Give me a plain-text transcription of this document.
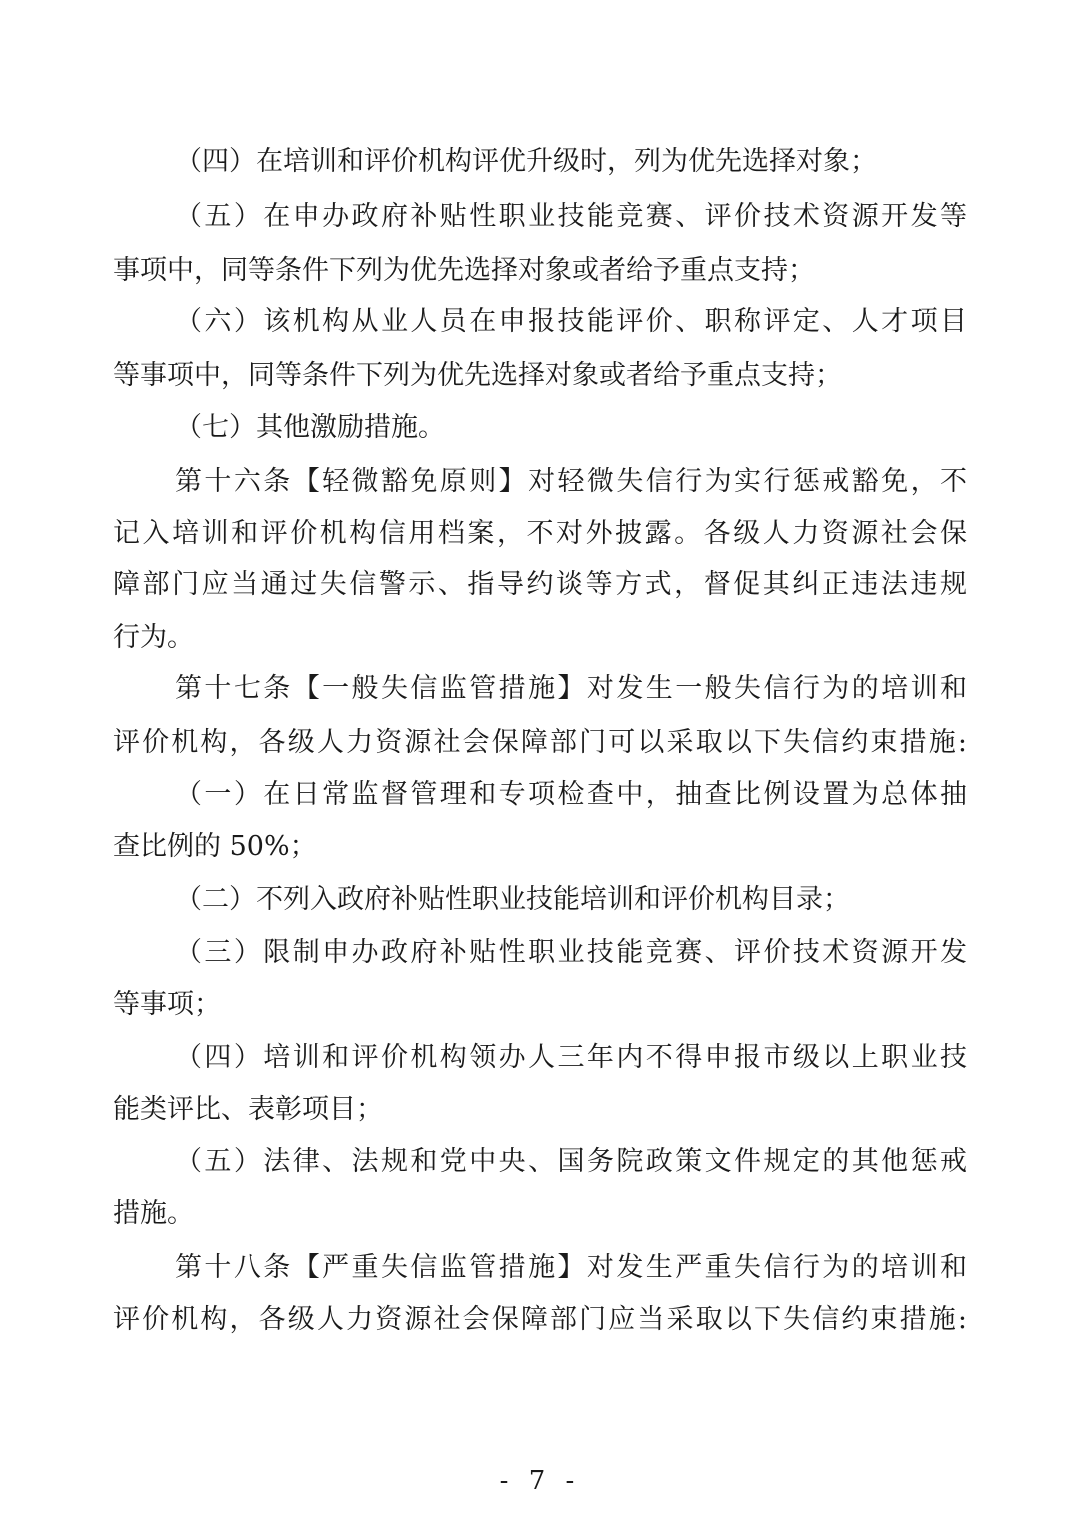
（四）在培训和评价机构评优升级时，列为优先选择对象；
（五）在申办政府补贴性职业技能竞赛、评价技术资源开发等
事项中，同等条件下列为优先选择对象或者给予重点支持；
（六）该机构从业人员在申报技能评价、职称评定、人才项目
等事项中，同等条件下列为优先选择对象或者给予重点支持；
（七）其他激励措施。
第十六条【轻微豁免原则】对轻微失信行为实行惩戒豁免，不
记入培训和评价机构信用档案，不对外披露。各级人力资源社会保
障部门应当通过失信警示、指导约谈等方式，督促其纠正违法违规
行为。
第十七条【一般失信监管措施】对发生一般失信行为的培训和
评价机构，各级人力资源社会保障部门可以采取以下失信约束措施:
（一）在日常监督管理和专项检查中，抽查比例设置为总体抽
查比例的 50%；
（二）不列入政府补贴性职业技能培训和评价机构目录；
（三）限制申办政府补贴性职业技能竞赛、评价技术资源开发
等事项；
（四）培训和评价机构领办人三年内不得申报市级以上职业技
能类评比、表彰项目；
（五）法律、法规和党中央、国务院政策文件规定的其他惩戒
措施。
第十八条【严重失信监管措施】对发生严重失信行为的培训和
评价机构，各级人力资源社会保障部门应当采取以下失信约束措施:
- 7 -
